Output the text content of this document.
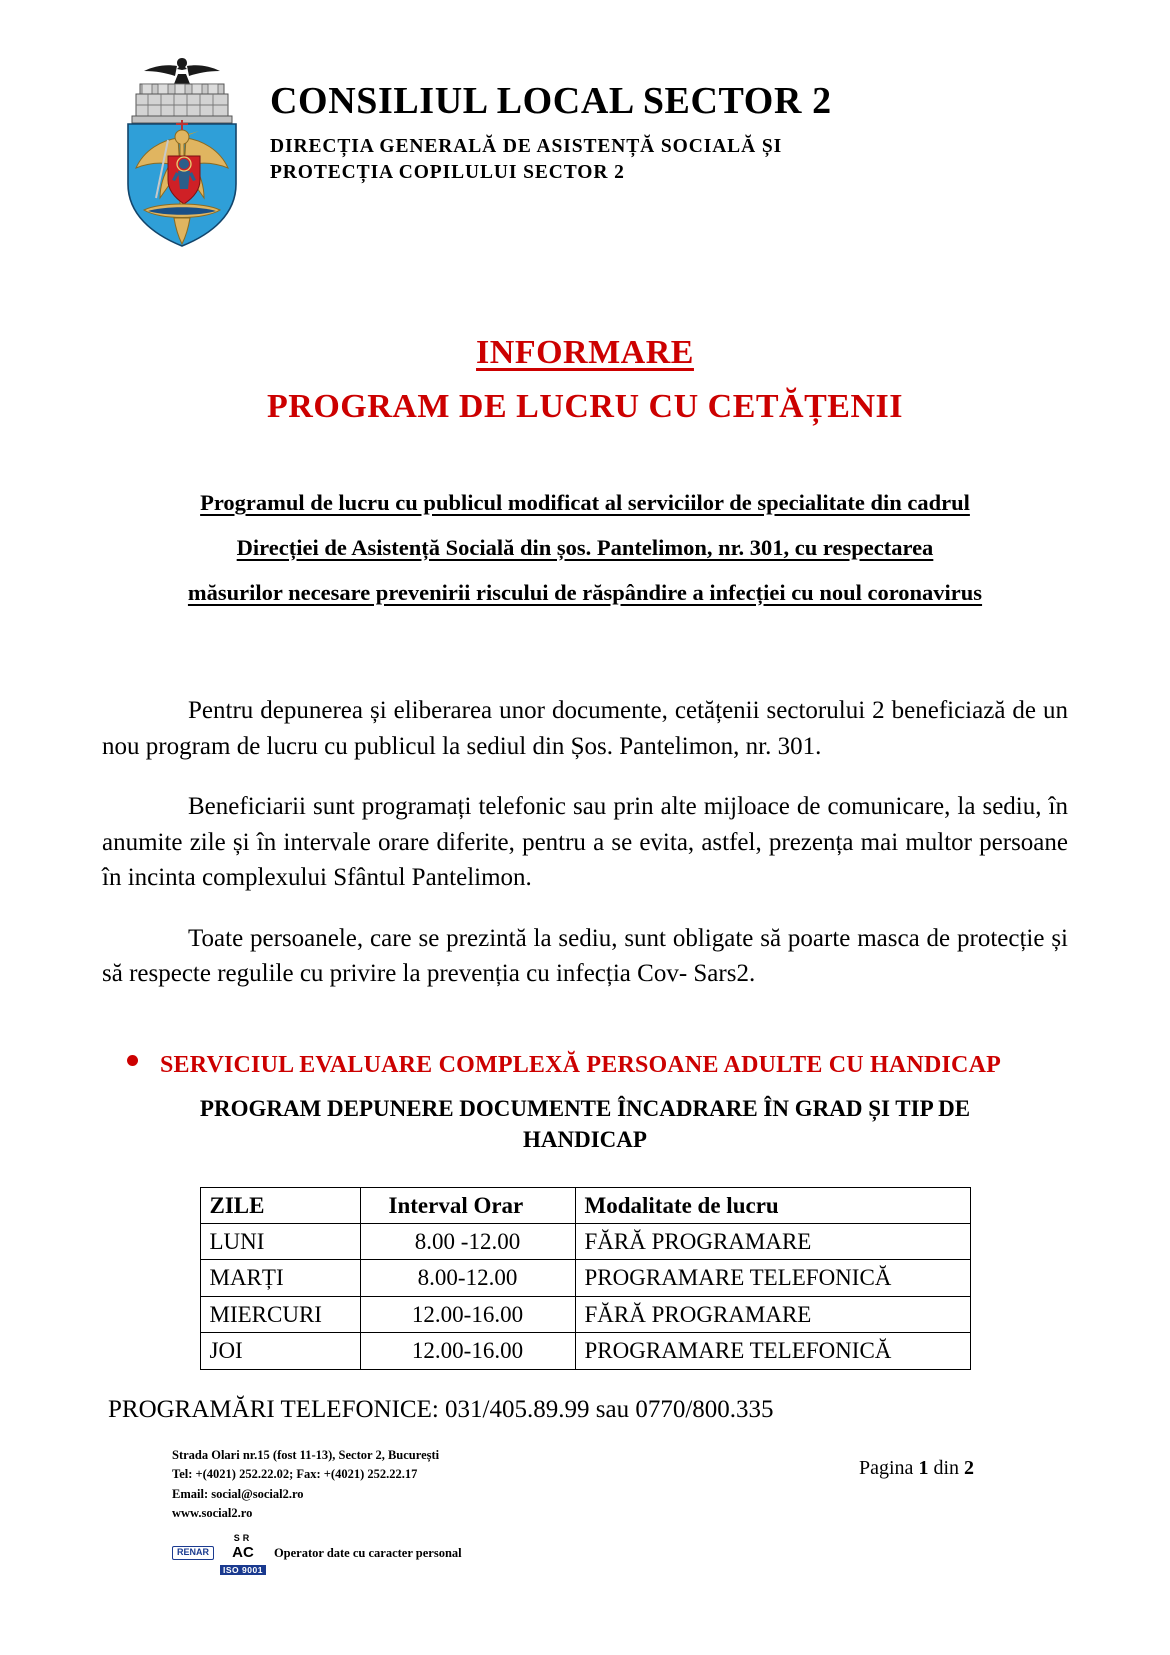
CONSILIUL LOCAL SECTOR 2
DIRECȚIA GENERALĂ DE ASISTENȚĂ SOCIALĂ ȘI
PROTECȚIA COPILULUI SECTOR 2
INFORMARE
PROGRAM DE LUCRU CU CETĂȚENII
Programul de lucru cu publicul modificat al serviciilor de specialitate din cadrul
Direcției de Asistență Socială din șos. Pantelimon, nr. 301, cu respectarea
măsurilor necesare prevenirii riscului de răspândire a infecției cu noul coronavirus

Pentru depunerea și eliberarea unor documente, cetățenii sectorului 2 beneficiază de un nou program de lucru cu publicul la sediul din Șos. Pantelimon, nr. 301.

Beneficiarii sunt programați telefonic sau prin alte mijloace de comunicare, la sediu, în anumite zile și în intervale orare diferite, pentru a se evita, astfel, prezența mai multor persoane în incinta complexului Sfântul Pantelimon.

Toate persoanele, care se prezintă la sediu, sunt obligate să poarte masca de protecție și să respecte regulile cu privire la prevenția cu infecția Cov- Sars2.

SERVICIUL EVALUARE COMPLEXĂ PERSOANE ADULTE CU HANDICAP
PROGRAM DEPUNERE DOCUMENTE ÎNCADRARE ÎN GRAD ȘI TIP DE
HANDICAP
ZILE	Interval Orar	Modalitate de lucru
LUNI	8.00 -12.00	FĂRĂ PROGRAMARE
MARȚI	8.00-12.00	PROGRAMARE TELEFONICĂ
MIERCURI	12.00-16.00	FĂRĂ PROGRAMARE
JOI	12.00-16.00	PROGRAMARE TELEFONICĂ
PROGRAMĂRI TELEFONICE: 031/405.89.99 sau 0770/800.335
Strada Olari nr.15 (fost 11-13), Sector 2, București
Tel: +(4021) 252.22.02; Fax: +(4021) 252.22.17
Email: social@social2.ro
www.social2.ro
RENAR
SR
AC
ISO 9001
Operator date cu caracter personal
Pagina 1 din 2
